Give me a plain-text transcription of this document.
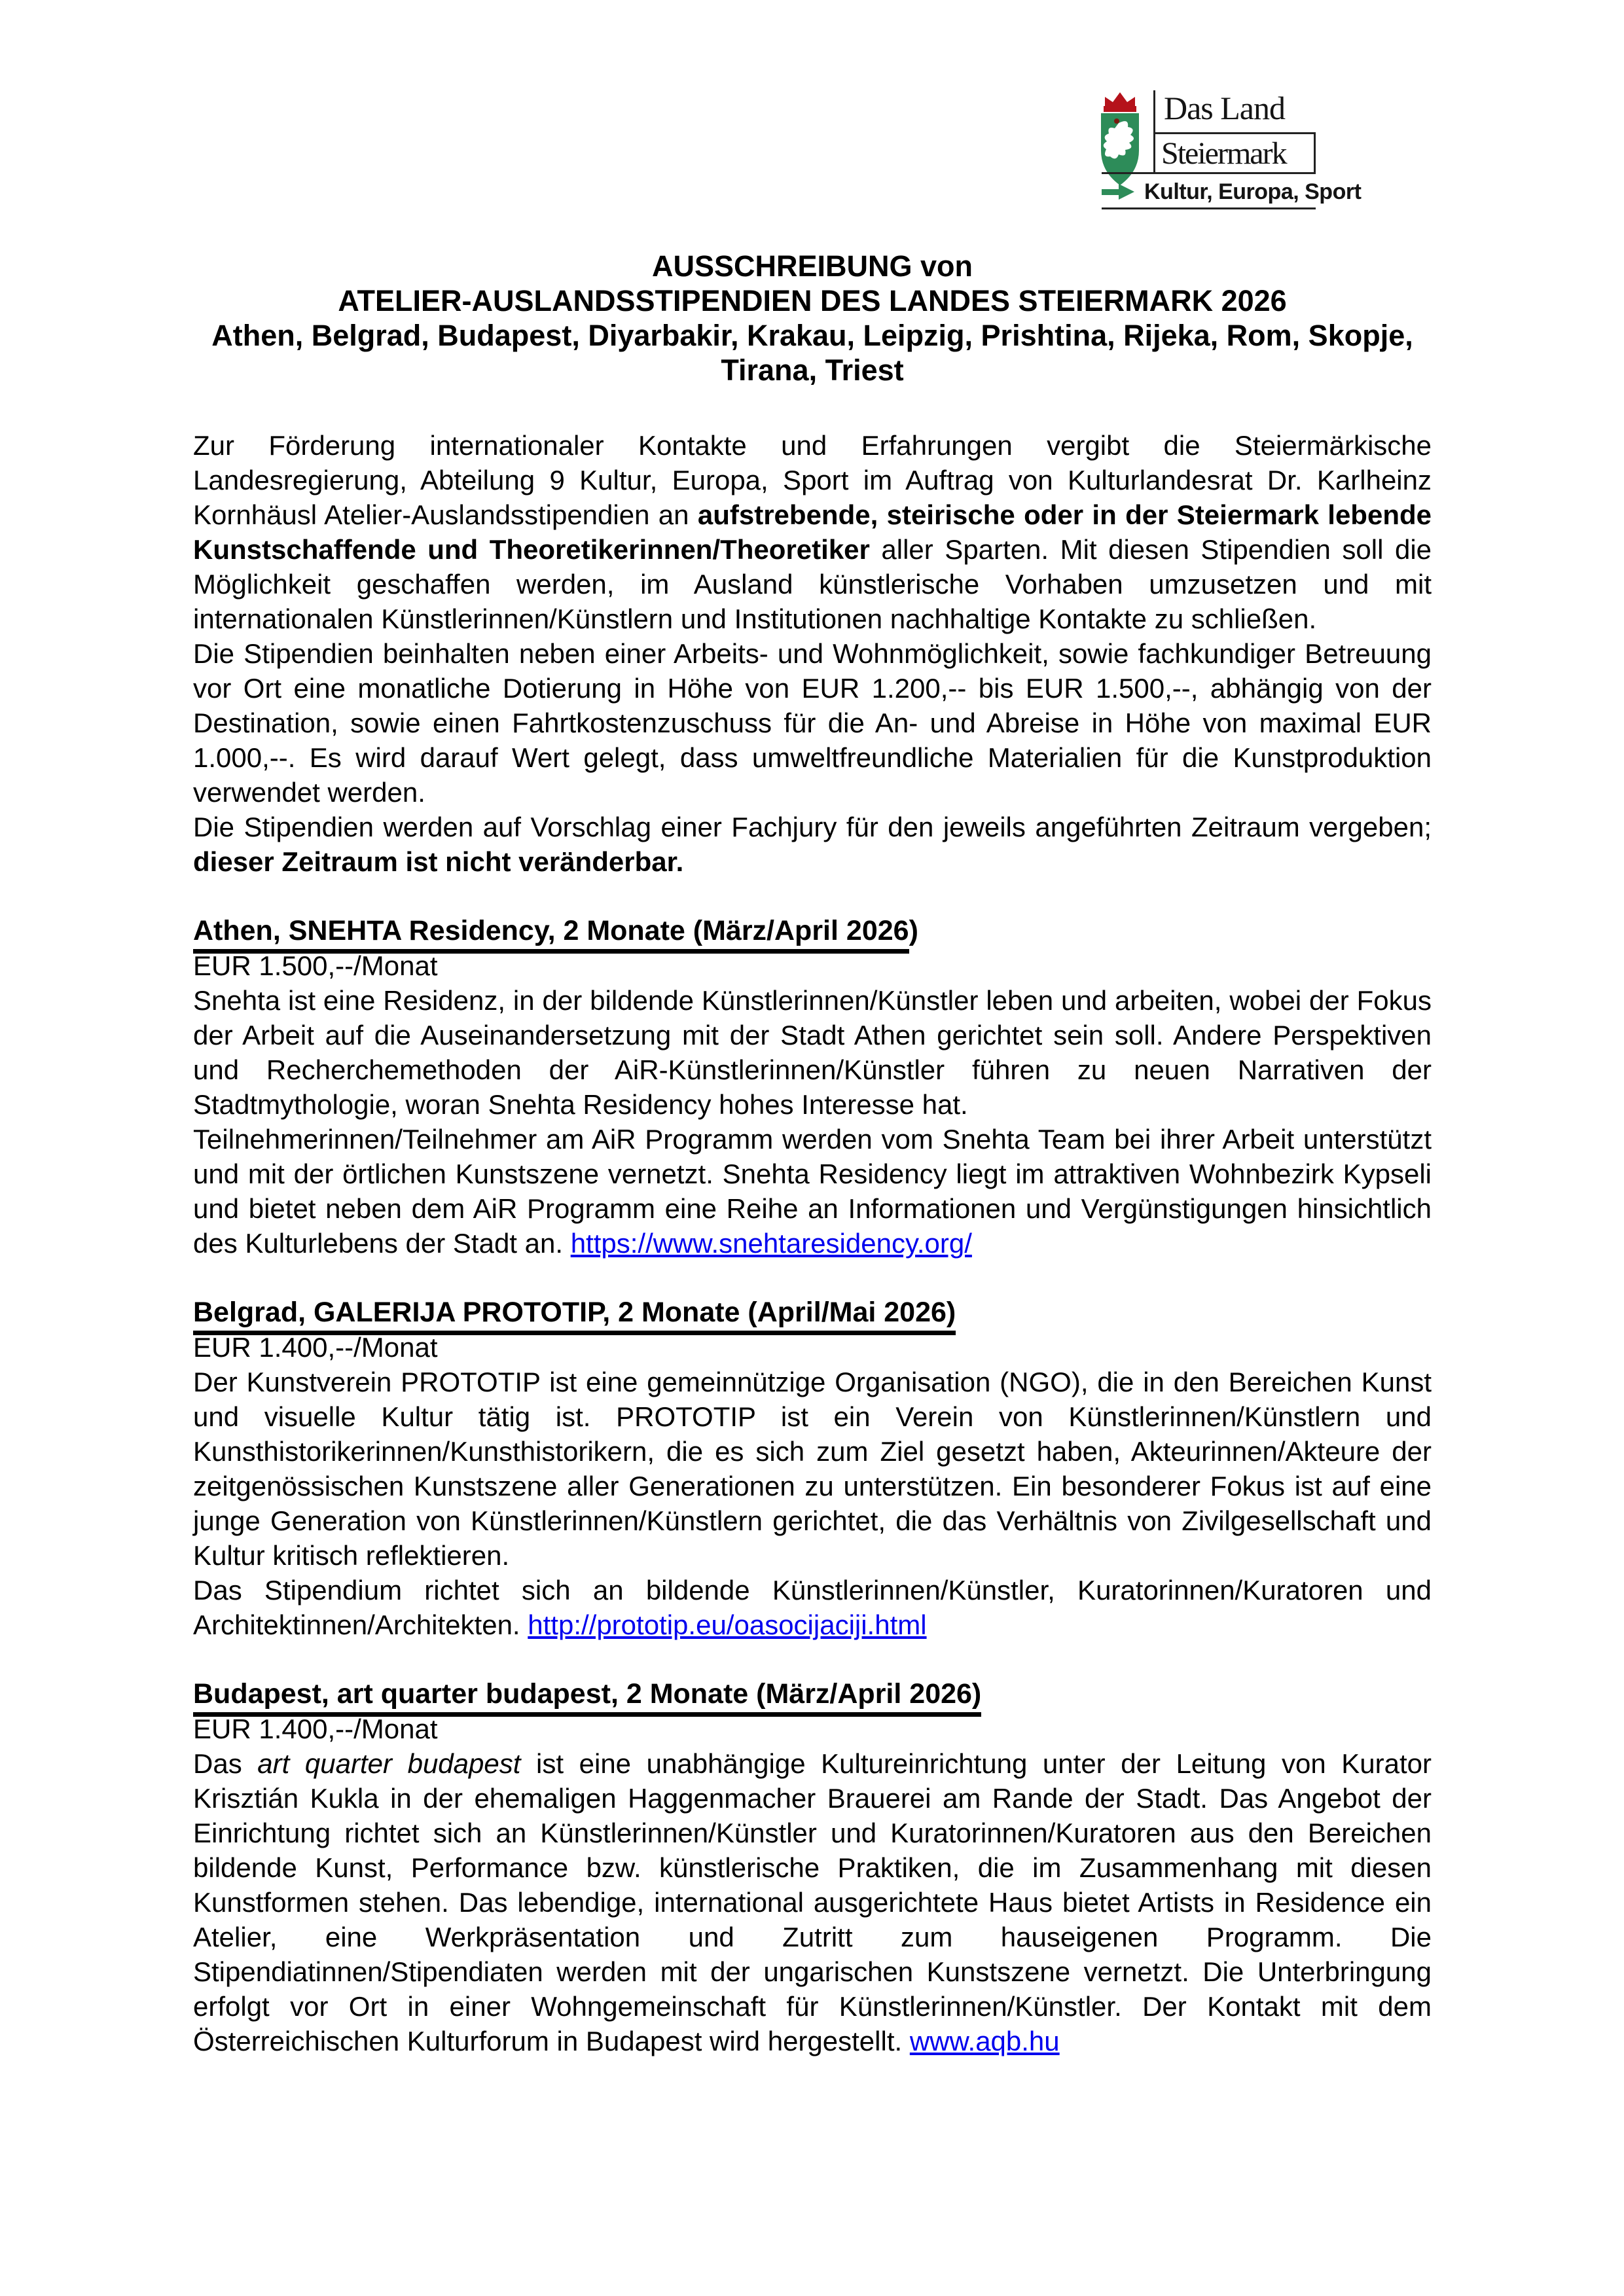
Das Land
Steiermark
Kultur, Europa, Sport
AUSSCHREIBUNG von
ATELIER-AUSLANDSSTIPENDIEN DES LANDES STEIERMARK 2026
Athen, Belgrad, Budapest, Diyarbakir, Krakau, Leipzig, Prishtina, Rijeka, Rom, Skopje, Tirana, Triest

Zur Förderung internationaler Kontakte und Erfahrungen vergibt die Steiermärkische Landesregierung, Abteilung 9 Kultur, Europa, Sport im Auftrag von Kulturlandesrat Dr. Karlheinz Kornhäusl Atelier-Auslandsstipendien an aufstrebende, steirische oder in der Steiermark lebende Kunstschaffende und Theoretikerinnen/Theoretiker aller Sparten. Mit diesen Stipendien soll die Möglichkeit geschaffen werden, im Ausland künstlerische Vorhaben umzusetzen und mit internationalen Künstlerinnen/Künstlern und Institutionen nachhaltige Kontakte zu schließen.

Die Stipendien beinhalten neben einer Arbeits- und Wohnmöglichkeit, sowie fachkundiger Betreuung vor Ort eine monatliche Dotierung in Höhe von EUR 1.200,-- bis EUR 1.500,--, abhängig von der Destination, sowie einen Fahrtkostenzuschuss für die An- und Abreise in Höhe von maximal EUR 1.000,--. Es wird darauf Wert gelegt, dass umweltfreundliche Materialien für die Kunstproduktion verwendet werden.

Die Stipendien werden auf Vorschlag einer Fachjury für den jeweils angeführten Zeitraum vergeben; dieser Zeitraum ist nicht veränderbar.

Athen, SNEHTA Residency, 2 Monate (März/April 2026)

EUR 1.500,--/Monat

Snehta ist eine Residenz, in der bildende Künstlerinnen/Künstler leben und arbeiten, wobei der Fokus der Arbeit auf die Auseinandersetzung mit der Stadt Athen gerichtet sein soll. Andere Perspektiven und Recherchemethoden der AiR-Künstlerinnen/Künstler führen zu neuen Narrativen der Stadtmythologie, woran Snehta Residency hohes Interesse hat.

Teilnehmerinnen/Teilnehmer am AiR Programm werden vom Snehta Team bei ihrer Arbeit unterstützt und mit der örtlichen Kunstszene vernetzt. Snehta Residency liegt im attraktiven Wohnbezirk Kypseli und bietet neben dem AiR Programm eine Reihe an Informationen und Vergünstigungen hinsichtlich des Kulturlebens der Stadt an. https://www.snehtaresidency.org/

Belgrad, GALERIJA PROTOTIP, 2 Monate (April/Mai 2026)

EUR 1.400,--/Monat

Der Kunstverein PROTOTIP ist eine gemeinnützige Organisation (NGO), die in den Bereichen Kunst und visuelle Kultur tätig ist. PROTOTIP ist ein Verein von Künstlerinnen/Künstlern und Kunsthistorikerinnen/Kunsthistorikern, die es sich zum Ziel gesetzt haben, Akteurinnen/Akteure der zeitgenössischen Kunstszene aller Generationen zu unterstützen. Ein besonderer Fokus ist auf eine junge Generation von Künstlerinnen/Künstlern gerichtet, die das Verhältnis von Zivilgesellschaft und Kultur kritisch reflektieren.

Das Stipendium richtet sich an bildende Künstlerinnen/Künstler, Kuratorinnen/Kuratoren und Architektinnen/Architekten. http://prototip.eu/oasocijaciji.html

Budapest, art quarter budapest, 2 Monate (März/April 2026)

EUR 1.400,--/Monat

Das art quarter budapest ist eine unabhängige Kultureinrichtung unter der Leitung von Kurator Krisztián Kukla in der ehemaligen Haggenmacher Brauerei am Rande der Stadt. Das Angebot der Einrichtung richtet sich an Künstlerinnen/Künstler und Kuratorinnen/Kuratoren aus den Bereichen bildende Kunst, Performance bzw. künstlerische Praktiken, die im Zusammenhang mit diesen Kunstformen stehen. Das lebendige, international ausgerichtete Haus bietet Artists in Residence ein Atelier, eine Werkpräsentation und Zutritt zum hauseigenen Programm. Die Stipendiatinnen/Stipendiaten werden mit der ungarischen Kunstszene vernetzt. Die Unterbringung erfolgt vor Ort in einer Wohngemeinschaft für Künstlerinnen/Künstler. Der Kontakt mit dem Österreichischen Kulturforum in Budapest wird hergestellt. www.aqb.hu
